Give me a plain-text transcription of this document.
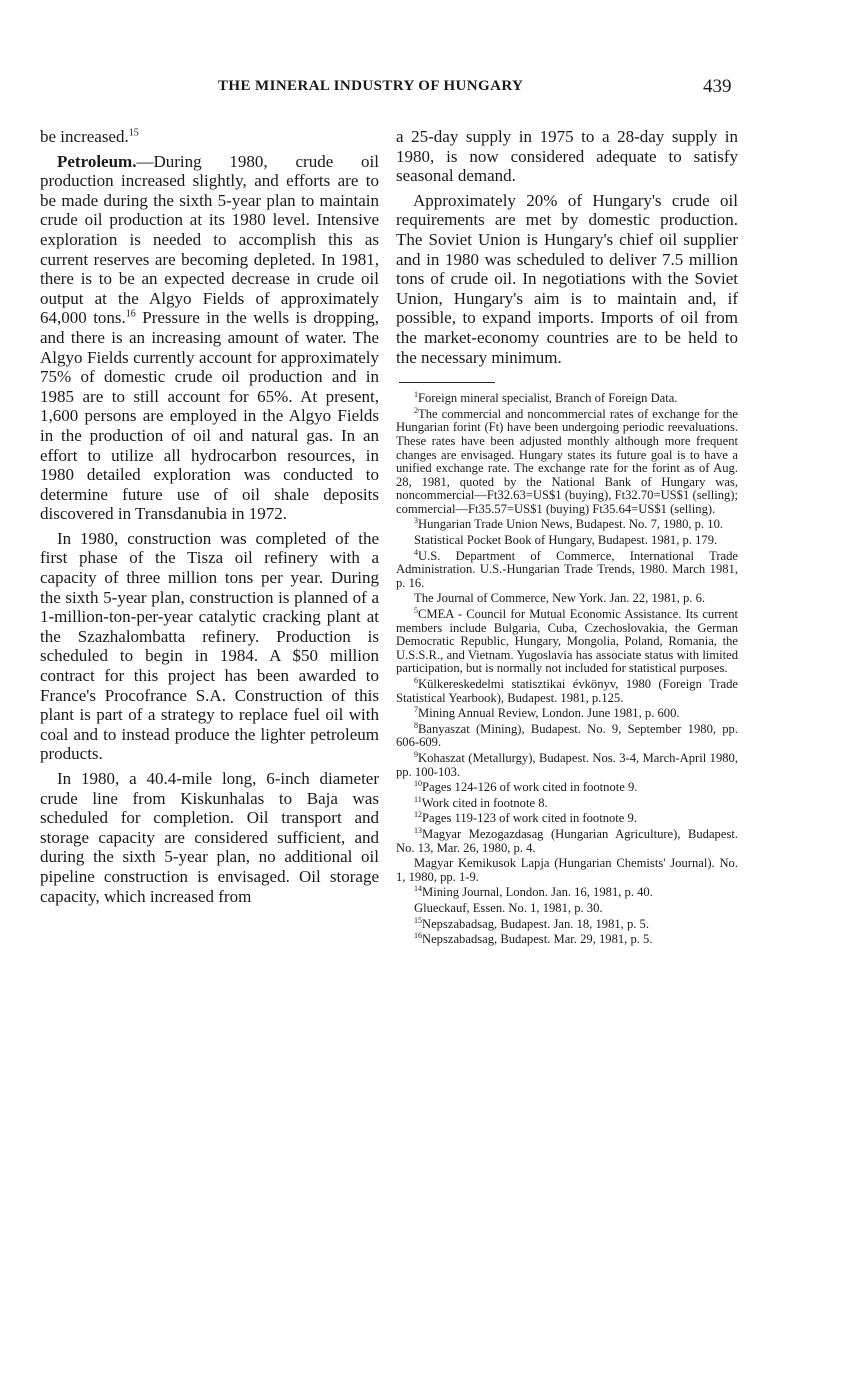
THE MINERAL INDUSTRY OF HUNGARY	439

be increased.$^{15}$

Petroleum.—During 1980, crude oil production increased slightly, and efforts are to be made during the sixth 5-year plan to maintain crude oil production at its 1980 level. Intensive exploration is needed to accomplish this as current reserves are becoming depleted. In 1981, there is to be an expected decrease in crude oil output at the Algyo Fields of approximately 64,000 tons.$^{16}$ Pressure in the wells is dropping, and there is an increasing amount of water. The Algyo Fields currently account for approximately 75% of domestic crude oil production and in 1985 are to still account for 65%. At present, 1,600 persons are employed in the Algyo Fields in the production of oil and natural gas. In an effort to utilize all hydrocarbon resources, in 1980 detailed exploration was conducted to determine future use of oil shale deposits discovered in Transdanubia in 1972.

In 1980, construction was completed of the first phase of the Tisza oil refinery with a capacity of three million tons per year. During the sixth 5-year plan, construction is planned of a 1-million-ton-per-year catalytic cracking plant at the Szazhalombatta refinery. Production is scheduled to begin in 1984. A $50 million contract for this project has been awarded to France's Procofrance S.A. Construction of this plant is part of a strategy to replace fuel oil with coal and to instead produce the lighter petroleum products.

In 1980, a 40.4-mile long, 6-inch diameter crude line from Kiskunhalas to Baja was scheduled for completion. Oil transport and storage capacity are considered sufficient, and during the sixth 5-year plan, no additional oil pipeline construction is envisaged. Oil storage capacity, which increased from

a 25-day supply in 1975 to a 28-day supply in 1980, is now considered adequate to satisfy seasonal demand.

Approximately 20% of Hungary's crude oil requirements are met by domestic production. The Soviet Union is Hungary's chief oil supplier and in 1980 was scheduled to deliver 7.5 million tons of crude oil. In negotiations with the Soviet Union, Hungary's aim is to maintain and, if possible, to expand imports. Imports of oil from the market-economy countries are to be held to the necessary minimum.

$^1$Foreign mineral specialist, Branch of Foreign Data.

$^2$The commercial and noncommercial rates of exchange for the Hungarian forint (Ft) have been undergoing periodic reevaluations. These rates have been adjusted monthly although more frequent changes are envisaged. Hungary states its future goal is to have a unified exchange rate. The exchange rate for the forint as of Aug. 28, 1981, quoted by the National Bank of Hungary was, noncommercial—Ft32.63=US$1 (buying), Ft32.70=US$1 (selling); commercial—Ft35.57=US$1 (buying) Ft35.64=US$1 (selling).

$^3$Hungarian Trade Union News, Budapest. No. 7, 1980, p. 10.

Statistical Pocket Book of Hungary, Budapest. 1981, p. 179.

$^4$U.S. Department of Commerce, International Trade Administration. U.S.-Hungarian Trade Trends, 1980. March 1981, p. 16.

The Journal of Commerce, New York. Jan. 22, 1981, p. 6.

$^5$CMEA - Council for Mutual Economic Assistance. Its current members include Bulgaria, Cuba, Czechoslovakia, the German Democratic Republic, Hungary, Mongolia, Poland, Romania, the U.S.S.R., and Vietnam. Yugoslavia has associate status with limited participation, but is normally not included for statistical purposes.

$^6$Külkereskedelmi statisztikai évkönyv, 1980 (Foreign Trade Statistical Yearbook), Budapest. 1981, p.125.

$^7$Mining Annual Review, London. June 1981, p. 600.

$^8$Banyaszat (Mining), Budapest. No. 9, September 1980, pp. 606-609.

$^9$Kohaszat (Metallurgy), Budapest. Nos. 3-4, March-April 1980, pp. 100-103.

$^{10}$Pages 124-126 of work cited in footnote 9.

$^{11}$Work cited in footnote 8.

$^{12}$Pages 119-123 of work cited in footnote 9.

$^{13}$Magyar Mezogazdasag (Hungarian Agriculture), Budapest. No. 13, Mar. 26, 1980, p. 4.

Magyar Kemikusok Lapja (Hungarian Chemists' Journal). No. 1, 1980, pp. 1-9.

$^{14}$Mining Journal, London. Jan. 16, 1981, p. 40.

Glueckauf, Essen. No. 1, 1981, p. 30.

$^{15}$Nepszabadsag, Budapest. Jan. 18, 1981, p. 5.

$^{16}$Nepszabadsag, Budapest. Mar. 29, 1981, p. 5.
